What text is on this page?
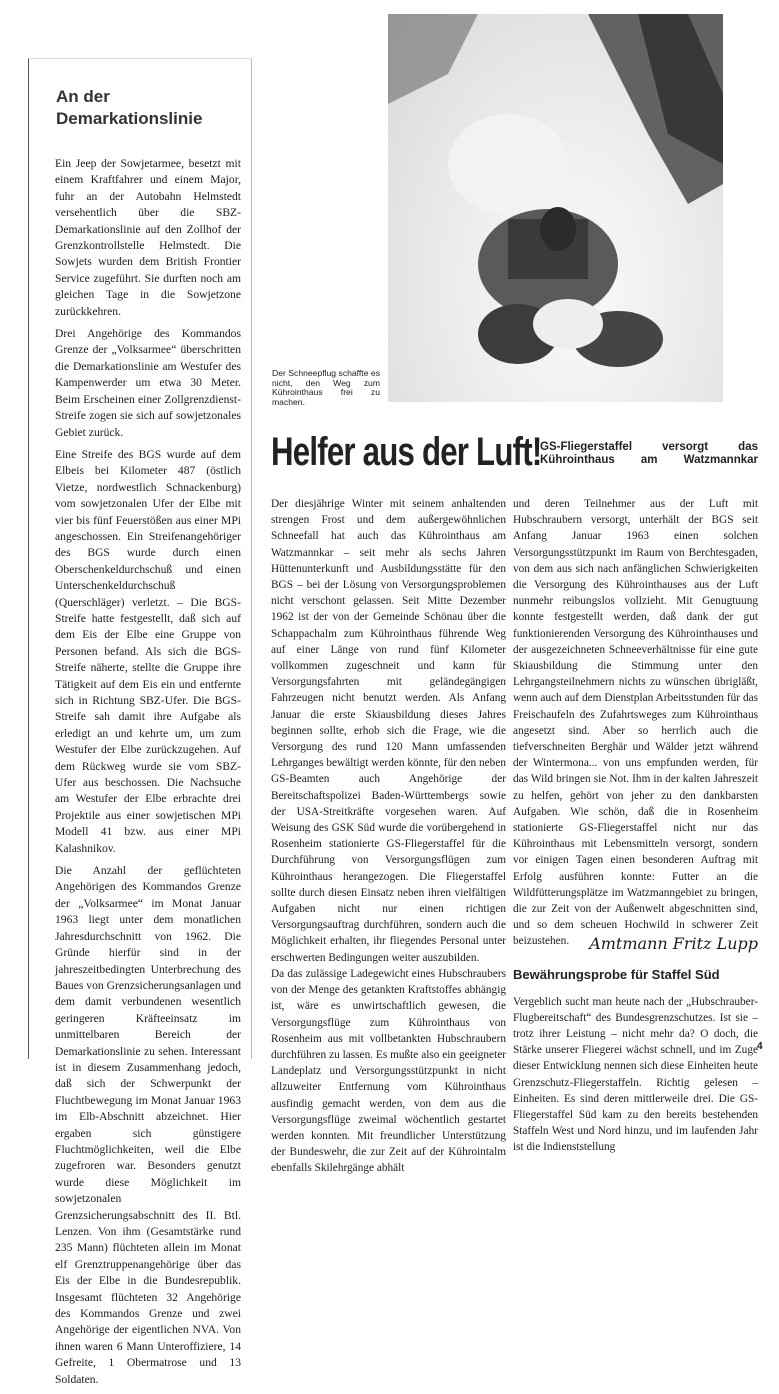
An der Demarkationslinie

Ein Jeep der Sowjetarmee, besetzt mit einem Kraftfahrer und einem Major, fuhr an der Autobahn Helmstedt versehentlich über die SBZ-Demarkationslinie auf den Zollhof der Grenzkontrollstelle Helmstedt. Die Sowjets wurden dem British Frontier Service zugeführt. Sie durften noch am gleichen Tage in die Sowjetzone zurückkehren.

Drei Angehörige des Kommandos Grenze der „Volksarmee“ überschritten die Demarkationslinie am Westufer des Kampenwerder um etwa 30 Meter. Beim Erscheinen einer Zollgrenzdienst-Streife zogen sie sich auf sowjetzonales Gebiet zurück.

Eine Streife des BGS wurde auf dem Elbeis bei Kilometer 487 (östlich Vietze, nordwestlich Schnackenburg) vom sowjetzonalen Ufer der Elbe mit vier bis fünf Feuerstößen aus einer MPi angeschossen. Ein Streifenangehöriger des BGS wurde durch einen Oberschenkeldurchschuß und einen Unterschenkeldurchschuß (Querschläger) verletzt. – Die BGS-Streife hatte festgestellt, daß sich auf dem Eis der Elbe eine Gruppe von Personen befand. Als sich die BGS-Streife näherte, stellte die Gruppe ihre Tätigkeit auf dem Eis ein und entfernte sich in Richtung SBZ-Ufer. Die BGS-Streife sah damit ihre Aufgabe als erledigt an und kehrte um, um zum Westufer der Elbe zurückzugehen. Auf dem Rückweg wurde sie vom SBZ-Ufer aus beschossen. Die Nachsuche am Westufer der Elbe erbrachte drei Projektile aus einer sowjetischen MPi Modell 41 bzw. aus einer MPi Kalashnikov.

Die Anzahl der geflüchteten Angehörigen des Kommandos Grenze der „Volksarmee“ im Monat Januar 1963 liegt unter dem monatlichen Jahresdurchschnitt von 1962. Die Gründe hierfür sind in der jahreszeitbedingten Unterbrechung des Baues von Grenzsicherungsanlagen und dem damit verbundenen wesentlich geringeren Kräfteeinsatz im unmittelbaren Bereich der Demarkationslinie zu sehen. Interessant ist in diesem Zusammenhang jedoch, daß sich der Schwerpunkt der Fluchtbewegung im Monat Januar 1963 im Elb-Abschnitt abzeichnet. Hier ergaben sich günstigere Fluchtmöglichkeiten, weil die Elbe zugefroren war. Besonders genutzt wurde diese Möglichkeit im sowjetzonalen Grenzsicherungsabschnitt des II. Btl. Lenzen. Von ihm (Gesamtstärke rund 235 Mann) flüchteten allein im Monat elf Grenztruppenangehörige über das Eis der Elbe in die Bundesrepublik. Insgesamt flüchteten 32 Angehörige des Kommandos Grenze und zwei Angehörige der eigentlichen NVA. Von ihnen waren 6 Mann Unteroffiziere, 14 Gefreite, 1 Obermatrose und 13 Soldaten.

Der Schneepflug schaffte es nicht, den Weg zum Kührointhaus frei zu machen.
Helfer aus der Luft!
GS-Fliegerstaffel versorgt das Kührointhaus am Watzmannkar

Der diesjährige Winter mit seinem anhaltenden strengen Frost und dem außergewöhnlichen Schneefall hat auch das Kührointhaus am Watzmannkar – seit mehr als sechs Jahren Hüttenunterkunft und Ausbildungsstätte für den BGS – bei der Lösung von Versorgungsproblemen nicht verschont gelassen. Seit Mitte Dezember 1962 ist der von der Gemeinde Schönau über die Schappachalm zum Kührointhaus führende Weg auf einer Länge von rund fünf Kilometer vollkommen zugeschneit und kann für Versorgungsfahrten mit geländegängigen Fahrzeugen nicht benutzt werden. Als Anfang Januar die erste Skiausbildung dieses Jahres beginnen sollte, erhob sich die Frage, wie die Versorgung des rund 120 Mann umfassenden Lehrganges bewältigt werden könnte, für den neben GS-Beamten auch Angehörige der Bereitschaftspolizei Baden-Württembergs sowie der USA-Streitkräfte vorgesehen waren. Auf Weisung des GSK Süd wurde die vorübergehend in Rosenheim stationierte GS-Fliegerstaffel für die Durchführung von Versorgungsflügen zum Kührointhaus herangezogen. Die Fliegerstaffel sollte durch diesen Einsatz neben ihren vielfältigen Aufgaben nicht nur einen richtigen Versorgungsauftrag durchführen, sondern auch die Möglichkeit erhalten, ihr fliegendes Personal unter erschwerten Bedingungen weiter auszubilden.

Da das zulässige Ladegewicht eines Hubschraubers von der Menge des getankten Kraftstoffes abhängig ist, wäre es unwirtschaftlich gewesen, die Versorgungsflüge zum Kührointhaus von Rosenheim aus mit vollbetankten Hubschraubern durchführen zu lassen. Es mußte also ein geeigneter Landeplatz und Versorgungsstützpunkt in nicht allzuweiter Entfernung vom Kührointhaus ausfindig gemacht werden, von dem aus die Versorgungsflüge zweimal wöchentlich gestartet werden konnten. Mit freundlicher Unterstützung der Bundeswehr, die zur Zeit auf der Kührointalm ebenfalls Skilehrgänge abhält

und deren Teilnehmer aus der Luft mit Hubschraubern versorgt, unterhält der BGS seit Anfang Januar 1963 einen solchen Versorgungsstützpunkt im Raum von Berchtesgaden, von dem aus sich nach anfänglichen Schwierigkeiten die Versorgung des Kührointhauses aus der Luft nunmehr reibungslos vollzieht. Mit Genugtuung konnte festgestellt werden, daß dank der gut funktionierenden Versorgung des Kührointhauses und der ausgezeichneten Schneeverhältnisse für eine gute Skiausbildung die Stimmung unter den Lehrgangsteilnehmern nichts zu wünschen übrigläßt, wenn auch auf dem Dienstplan Arbeitsstunden für das Freischaufeln des Zufahrtsweges zum Kührointhaus angesetzt sind. Aber so herrlich auch die tiefverschneiten Berghär und Wälder jetzt während der Wintermona... von uns empfunden werden, für das Wild bringen sie Not. Ihm in der kalten Jahreszeit zu helfen, gehört von jeher zu den dankbarsten Aufgaben. Wie schön, daß die in Rosenheim stationierte GS-Fliegerstaffel nicht nur das Kührointhaus mit Lebensmitteln versorgt, sondern vor einigen Tagen einen besonderen Auftrag mit Erfolg ausführen konnte: Futter an die Wildfütterungsplätze im Watzmanngebiet zu bringen, die zur Zeit von der Außenwelt abgeschnitten sind, und so dem scheuen Hochwild in schwerer Zeit beizustehen.	Amtmann Fritz Lupp
Bewährungsprobe für Staffel Süd

Vergeblich sucht man heute nach der „Hubschrauber-Flugbereitschaft“ des Bundesgrenzschutzes. Ist sie – trotz ihrer Leistung – nicht mehr da? O doch, die Stärke unserer Fliegerei wächst schnell, und im Zuge dieser Entwicklung nennen sich diese Einheiten heute Grenzschutz-Fliegerstaffeln. Richtig gelesen – Einheiten. Es sind deren mittlerweile drei. Die GS-Fliegerstaffel Süd kam zu den bereits bestehenden Staffeln West und Nord hinzu, und im laufenden Jahr ist die Indienststellung

4
